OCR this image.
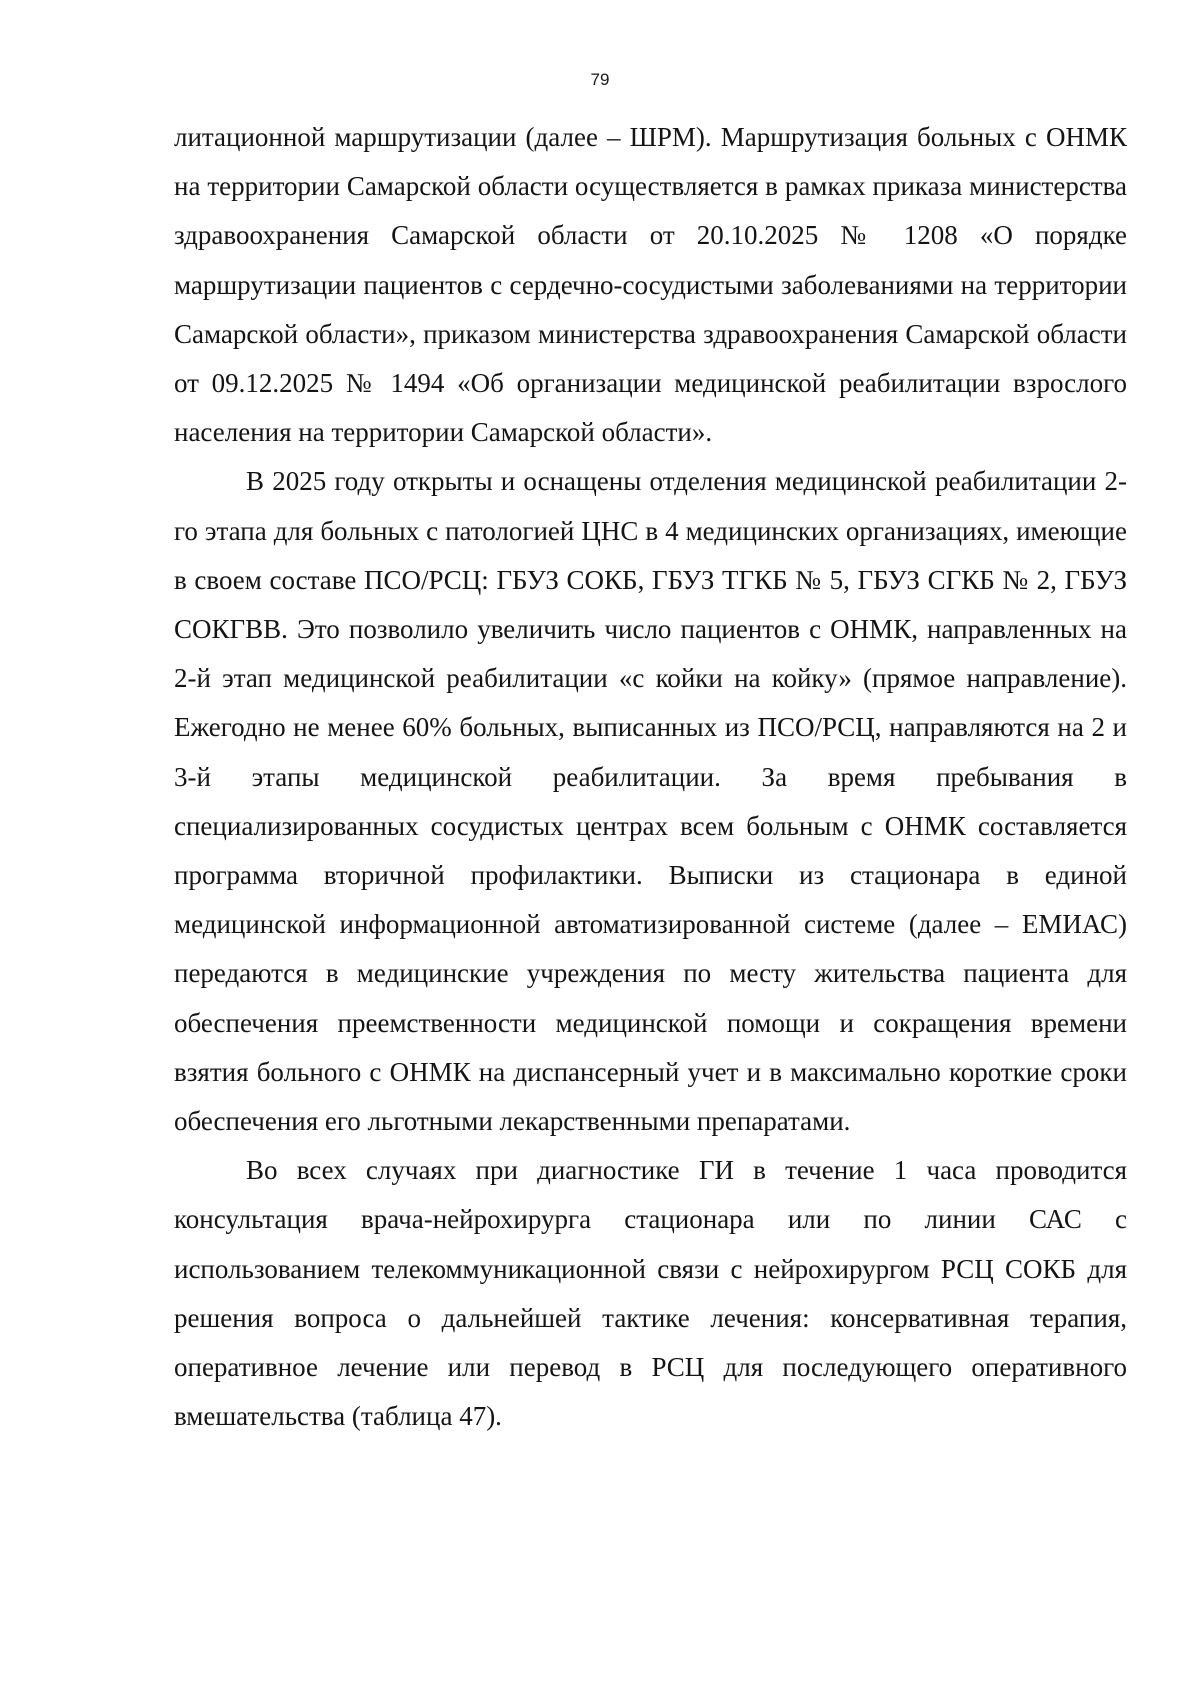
79

литационной маршрутизации (далее – ШРМ). Маршрутизация больных с ОНМК на территории Самарской области осуществляется в рамках приказа министерства здравоохранения Самарской области от 20.10.2025 № 1208 «О порядке маршрутизации пациентов с сердечно-сосудистыми заболеваниями на территории Самарской области», приказом министерства здравоохранения Самарской области от 09.12.2025 № 1494 «Об организации медицинской реабилитации взрослого населения на территории Самарской области».

В 2025 году открыты и оснащены отделения медицинской реабилитации 2-го этапа для больных с патологией ЦНС в 4 медицинских организациях, имеющие в своем составе ПСО/РСЦ: ГБУЗ СОКБ, ГБУЗ ТГКБ № 5, ГБУЗ СГКБ № 2, ГБУЗ СОКГВВ. Это позволило увеличить число пациентов с ОНМК, направленных на 2-й этап медицинской реабилитации «с койки на койку» (прямое направление). Ежегодно не менее 60% больных, выписанных из ПСО/РСЦ, направляются на 2 и 3-й этапы медицинской реабилитации. За время пребывания в специализированных сосудистых центрах всем больным с ОНМК составляется программа вторичной профилактики. Выписки из стационара в единой медицинской информационной автоматизированной системе (далее – ЕМИАС) передаются в медицинские учреждения по месту жительства пациента для обеспечения преемственности медицинской помощи и сокращения времени взятия больного с ОНМК на диспансерный учет и в максимально короткие сроки обеспечения его льготными лекарственными препаратами.

Во всех случаях при диагностике ГИ в течение 1 часа проводится консультация врача-нейрохирурга стационара или по линии САС с использованием телекоммуникационной связи с нейрохирургом РСЦ СОКБ для решения вопроса о дальнейшей тактике лечения: консервативная терапия, оперативное лечение или перевод в РСЦ для последующего оперативного вмешательства (таблица 47).
